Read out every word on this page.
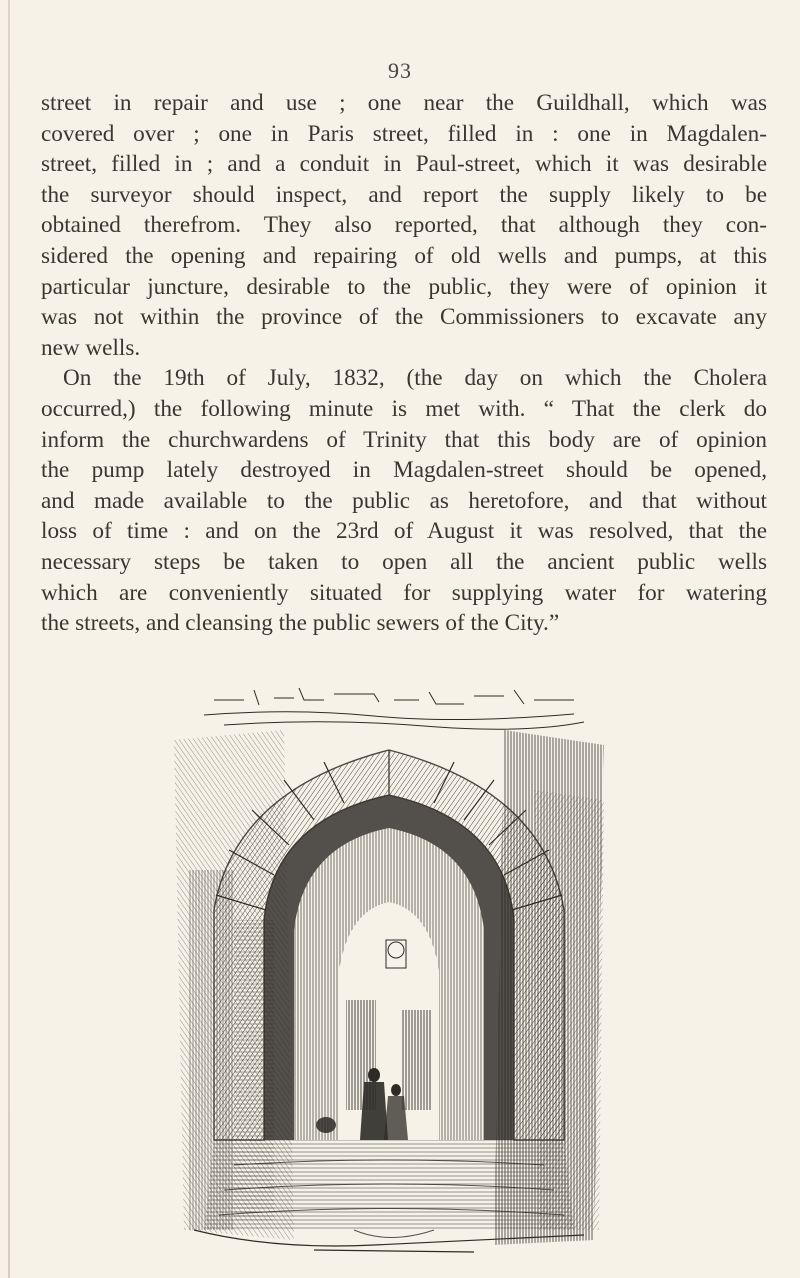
93
street in repair and use ; one near the Guildhall, which was
covered over ; one in Paris street, filled in : one in Magdalen-
street, filled in ; and a conduit in Paul-street, which it was desirable
the surveyor should inspect, and report the supply likely to be
obtained therefrom. They also reported, that although they con-
sidered the opening and repairing of old wells and pumps, at this
particular juncture, desirable to the public, they were of opinion it
was not within the province of the Commissioners to excavate any
new wells.
On the 19th of July, 1832, (the day on which the Cholera
occurred,) the following minute is met with. “ That the clerk do
inform the churchwardens of Trinity that this body are of opinion
the pump lately destroyed in Magdalen-street should be opened,
and made available to the public as heretofore, and that without
loss of time : and on the 23rd of August it was resolved, that the
necessary steps be taken to open all the ancient public wells
which are conveniently situated for supplying water for watering
the streets, and cleansing the public sewers of the City.”
